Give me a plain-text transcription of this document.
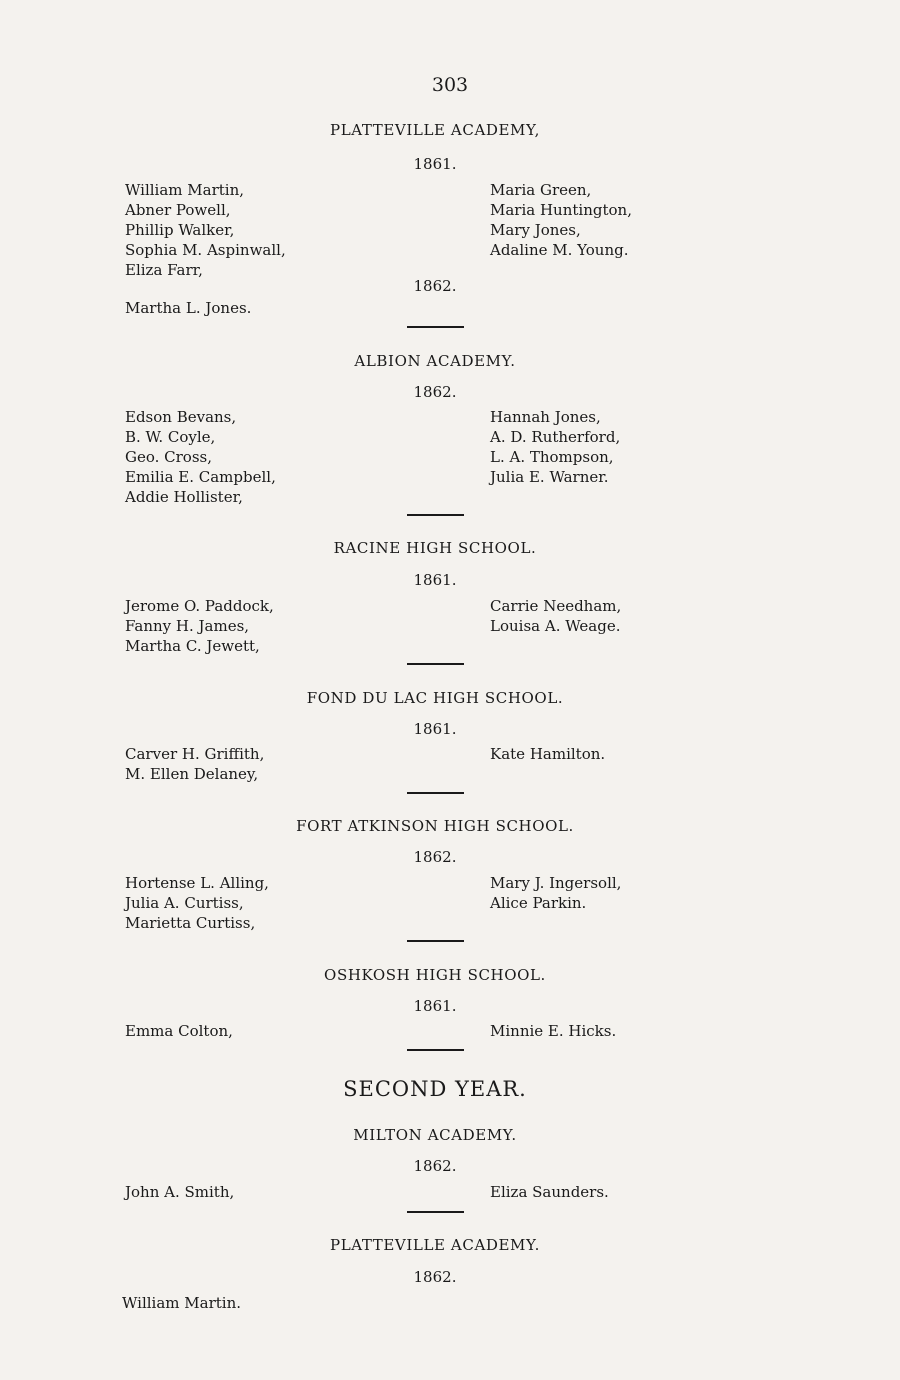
303
PLATTEVILLE ACADEMY,
1861.
William Martin,
Abner Powell,
Phillip Walker,
Sophia M. Aspinwall,
Eliza Farr,
Maria Green,
Maria Huntington,
Mary Jones,
Adaline M. Young.
1862.
Martha L. Jones.
ALBION ACADEMY.
1862.
Edson Bevans,
B. W. Coyle,
Geo. Cross,
Emilia E. Campbell,
Addie Hollister,
Hannah Jones,
A. D. Rutherford,
L. A. Thompson,
Julia E. Warner.
RACINE HIGH SCHOOL.
1861.
Jerome O. Paddock,
Fanny H. James,
Martha C. Jewett,
Carrie Needham,
Louisa A. Weage.
FOND DU LAC HIGH SCHOOL.
1861.
Carver H. Griffith,
M. Ellen Delaney,
Kate Hamilton.
FORT ATKINSON HIGH SCHOOL.
1862.
Hortense L. Alling,
Julia A. Curtiss,
Marietta Curtiss,
Mary J. Ingersoll,
Alice Parkin.
OSHKOSH HIGH SCHOOL.
1861.
Emma Colton,	Minnie E. Hicks.
SECOND YEAR.
MILTON ACADEMY.
1862.
John A. Smith,	Eliza Saunders.
PLATTEVILLE ACADEMY.
1862.
William Martin.
